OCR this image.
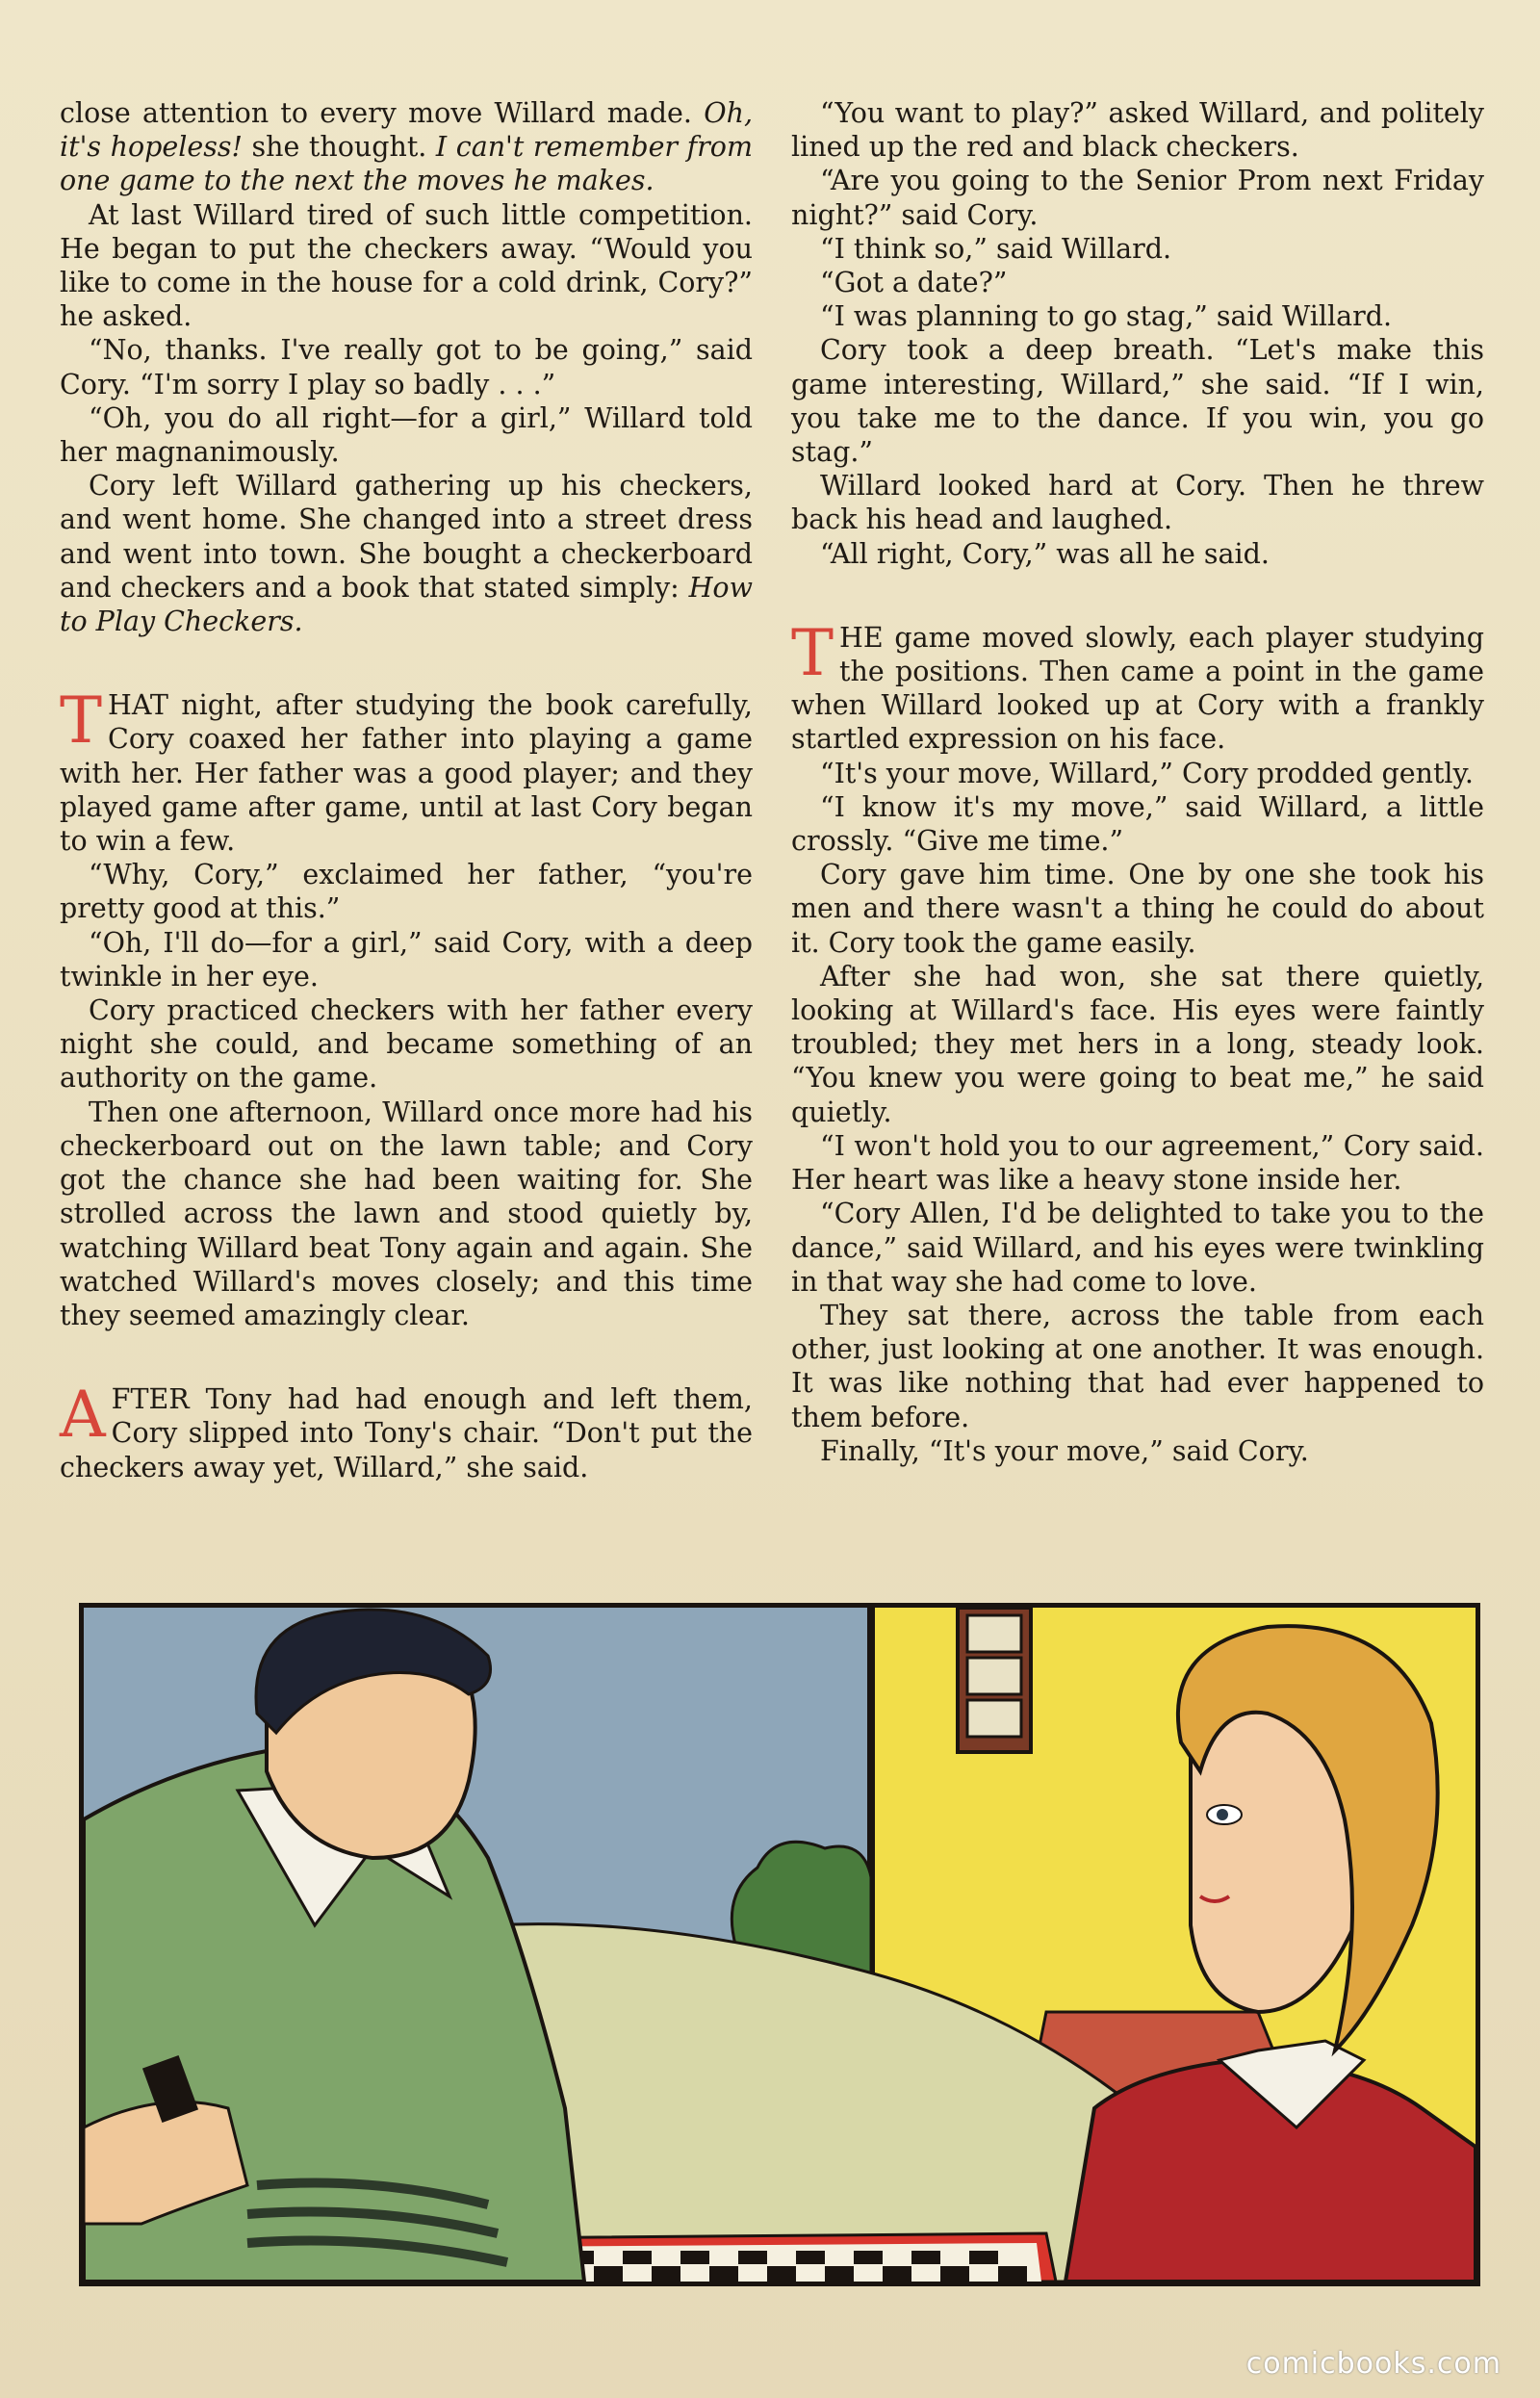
close attention to every move Willard made. Oh, it's hopeless! she thought. I can't remember from one game to the next the moves he makes.

At last Willard tired of such little competition. He began to put the checkers away. “Would you like to come in the house for a cold drink, Cory?” he asked.

“No, thanks. I've really got to be going,” said Cory. “I'm sorry I play so badly . . .”

“Oh, you do all right—for a girl,” Willard told her magnanimously.

Cory left Willard gathering up his checkers, and went home. She changed into a street dress and went into town. She bought a checkerboard and checkers and a book that stated simply: How to Play Checkers.

THAT night, after studying the book carefully, Cory coaxed her father into playing a game with her. Her father was a good player; and they played game after game, until at last Cory began to win a few.

“Why, Cory,” exclaimed her father, “you're pretty good at this.”

“Oh, I'll do—for a girl,” said Cory, with a deep twinkle in her eye.

Cory practiced checkers with her father every night she could, and became something of an authority on the game.

Then one afternoon, Willard once more had his checkerboard out on the lawn table; and Cory got the chance she had been waiting for. She strolled across the lawn and stood quietly by, watching Willard beat Tony again and again. She watched Willard's moves closely; and this time they seemed amazingly clear.

AFTER Tony had had enough and left them, Cory slipped into Tony's chair. “Don't put the checkers away yet, Willard,” she said.

“You want to play?” asked Willard, and politely lined up the red and black checkers.

“Are you going to the Senior Prom next Friday night?” said Cory.

“I think so,” said Willard.

“Got a date?”

“I was planning to go stag,” said Willard.

Cory took a deep breath. “Let's make this game interesting, Willard,” she said. “If I win, you take me to the dance. If you win, you go stag.”

Willard looked hard at Cory. Then he threw back his head and laughed.

“All right, Cory,” was all he said.

THE game moved slowly, each player studying the positions. Then came a point in the game when Willard looked up at Cory with a frankly startled expression on his face.

“It's your move, Willard,” Cory prodded gently.

“I know it's my move,” said Willard, a little crossly. “Give me time.”

Cory gave him time. One by one she took his men and there wasn't a thing he could do about it. Cory took the game easily.

After she had won, she sat there quietly, looking at Willard's face. His eyes were faintly troubled; they met hers in a long, steady look. “You knew you were going to beat me,” he said quietly.

“I won't hold you to our agreement,” Cory said. Her heart was like a heavy stone inside her.

“Cory Allen, I'd be delighted to take you to the dance,” said Willard, and his eyes were twinkling in that way she had come to love.

They sat there, across the table from each other, just looking at one another. It was enough. It was like nothing that had ever happened to them before.

Finally, “It's your move,” said Cory.

comicbooks.com
